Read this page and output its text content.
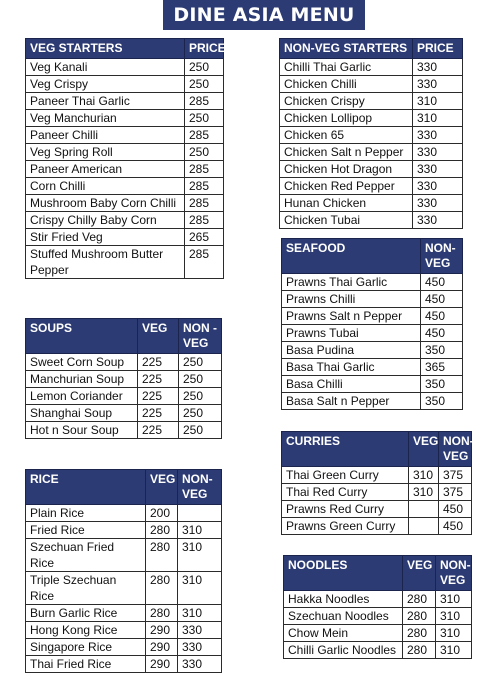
DINE ASIA MENU
VEG STARTERS	PRICE
Veg Kanali	250
Veg Crispy	250
Paneer Thai Garlic	285
Veg Manchurian	250
Paneer Chilli	285
Veg Spring Roll	250
Paneer American	285
Corn Chilli	285
Mushroom Baby Corn Chilli	285
Crispy Chilly Baby Corn	285
Stir Fried Veg	265
Stuffed Mushroom Butter Pepper	285
NON-VEG STARTERS	PRICE
Chilli Thai Garlic	330
Chicken Chilli	330
Chicken Crispy	310
Chicken Lollipop	310
Chicken 65	330
Chicken Salt n Pepper	330
Chicken Hot Dragon	330
Chicken Red Pepper	330
Hunan Chicken	330
Chicken Tubai	330
SEAFOOD	NON-VEG
Prawns Thai Garlic	450
Prawns Chilli	450
Prawns Salt n Pepper	450
Prawns Tubai	450
Basa Pudina	350
Basa Thai Garlic	365
Basa Chilli	350
Basa Salt n Pepper	350
SOUPS	VEG	NON -VEG
Sweet Corn Soup	225	250
Manchurian Soup	225	250
Lemon Coriander	225	250
Shanghai Soup	225	250
Hot n Sour Soup	225	250
CURRIES	VEG	NON-VEG
Thai Green Curry	310	375
Thai Red Curry	310	375
Prawns Red Curry		450
Prawns Green Curry		450
RICE	VEG	NON-VEG
Plain Rice	200	
Fried Rice	280	310
Szechuan Fried Rice	280	310
Triple Szechuan Rice	280	310
Burn Garlic Rice	280	310
Hong Kong Rice	290	330
Singapore Rice	290	330
Thai Fried Rice	290	330
NOODLES	VEG	NON-VEG
Hakka Noodles	280	310
Szechuan Noodles	280	310
Chow Mein	280	310
Chilli Garlic Noodles	280	310
